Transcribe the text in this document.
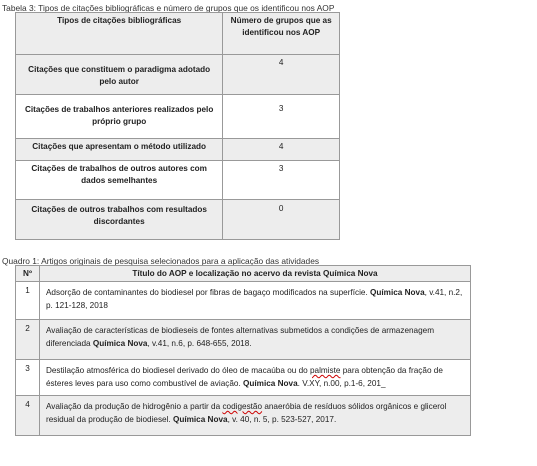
Tabela 3: Tipos de citações bibliográficas e número de grupos que os identificou nos AOP
Tipos de citações bibliográficas	Número de grupos que as identificou nos AOP
Citações que constituem o paradigma adotado pelo autor	4
Citações de trabalhos anteriores realizados pelo próprio grupo	3
Citações que apresentam o método utilizado	4
Citações de trabalhos de outros autores com dados semelhantes	3
Citações de outros trabalhos com resultados discordantes	0
Quadro 1: Artigos originais de pesquisa selecionados para a aplicação das atividades
Nº	Título do AOP e localização no acervo da revista Química Nova
1	Adsorção de contaminantes do biodiesel por fibras de bagaço modificados na superfície. Química Nova, v.41, n.2, p. 121-128, 2018
2	Avaliação de características de biodieseis de fontes alternativas submetidos a condições de armazenagem diferenciada Química Nova, v.41, n.6, p. 648-655, 2018.
3	Destilação atmosférica do biodiesel derivado do óleo de macaúba ou do palmiste para obtenção da fração de ésteres leves para uso como combustível de aviação. Química Nova. V.XY, n.00, p.1-6, 201_
4	Avaliação da produção de hidrogênio a partir da codigestão anaeróbia de resíduos sólidos orgânicos e glicerol residual da produção de biodiesel. Química Nova, v. 40, n. 5, p. 523-527, 2017.
